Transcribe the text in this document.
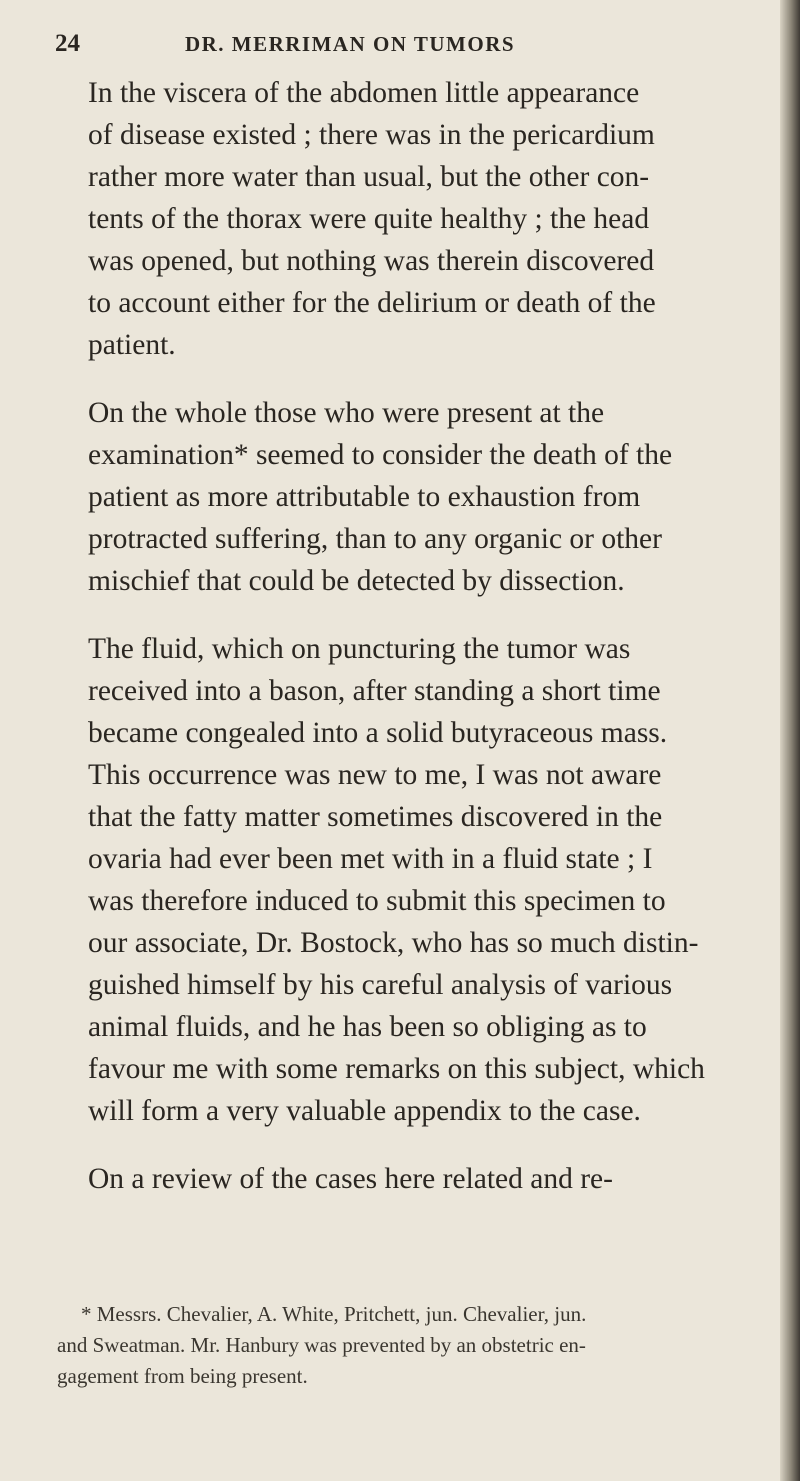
24	DR. MERRIMAN ON TUMORS

In the viscera of the abdomen little appearance
of disease existed ; there was in the pericardium
rather more water than usual, but the other con-
tents of the thorax were quite healthy ; the head
was opened, but nothing was therein discovered
to account either for the delirium or death of the
patient.

On the whole those who were present at the
examination* seemed to consider the death of the
patient as more attributable to exhaustion from
protracted suffering, than to any organic or other
mischief that could be detected by dissection.

The fluid, which on puncturing the tumor was
received into a bason, after standing a short time
became congealed into a solid butyraceous mass.
This occurrence was new to me, I was not aware
that the fatty matter sometimes discovered in the
ovaria had ever been met with in a fluid state ; I
was therefore induced to submit this specimen to
our associate, Dr. Bostock, who has so much distin-
guished himself by his careful analysis of various
animal fluids, and he has been so obliging as to
favour me with some remarks on this subject, which
will form a very valuable appendix to the case.

On a review of the cases here related and re-

* Messrs. Chevalier, A. White, Pritchett, jun. Chevalier, jun.
and Sweatman. Mr. Hanbury was prevented by an obstetric en-
gagement from being present.
